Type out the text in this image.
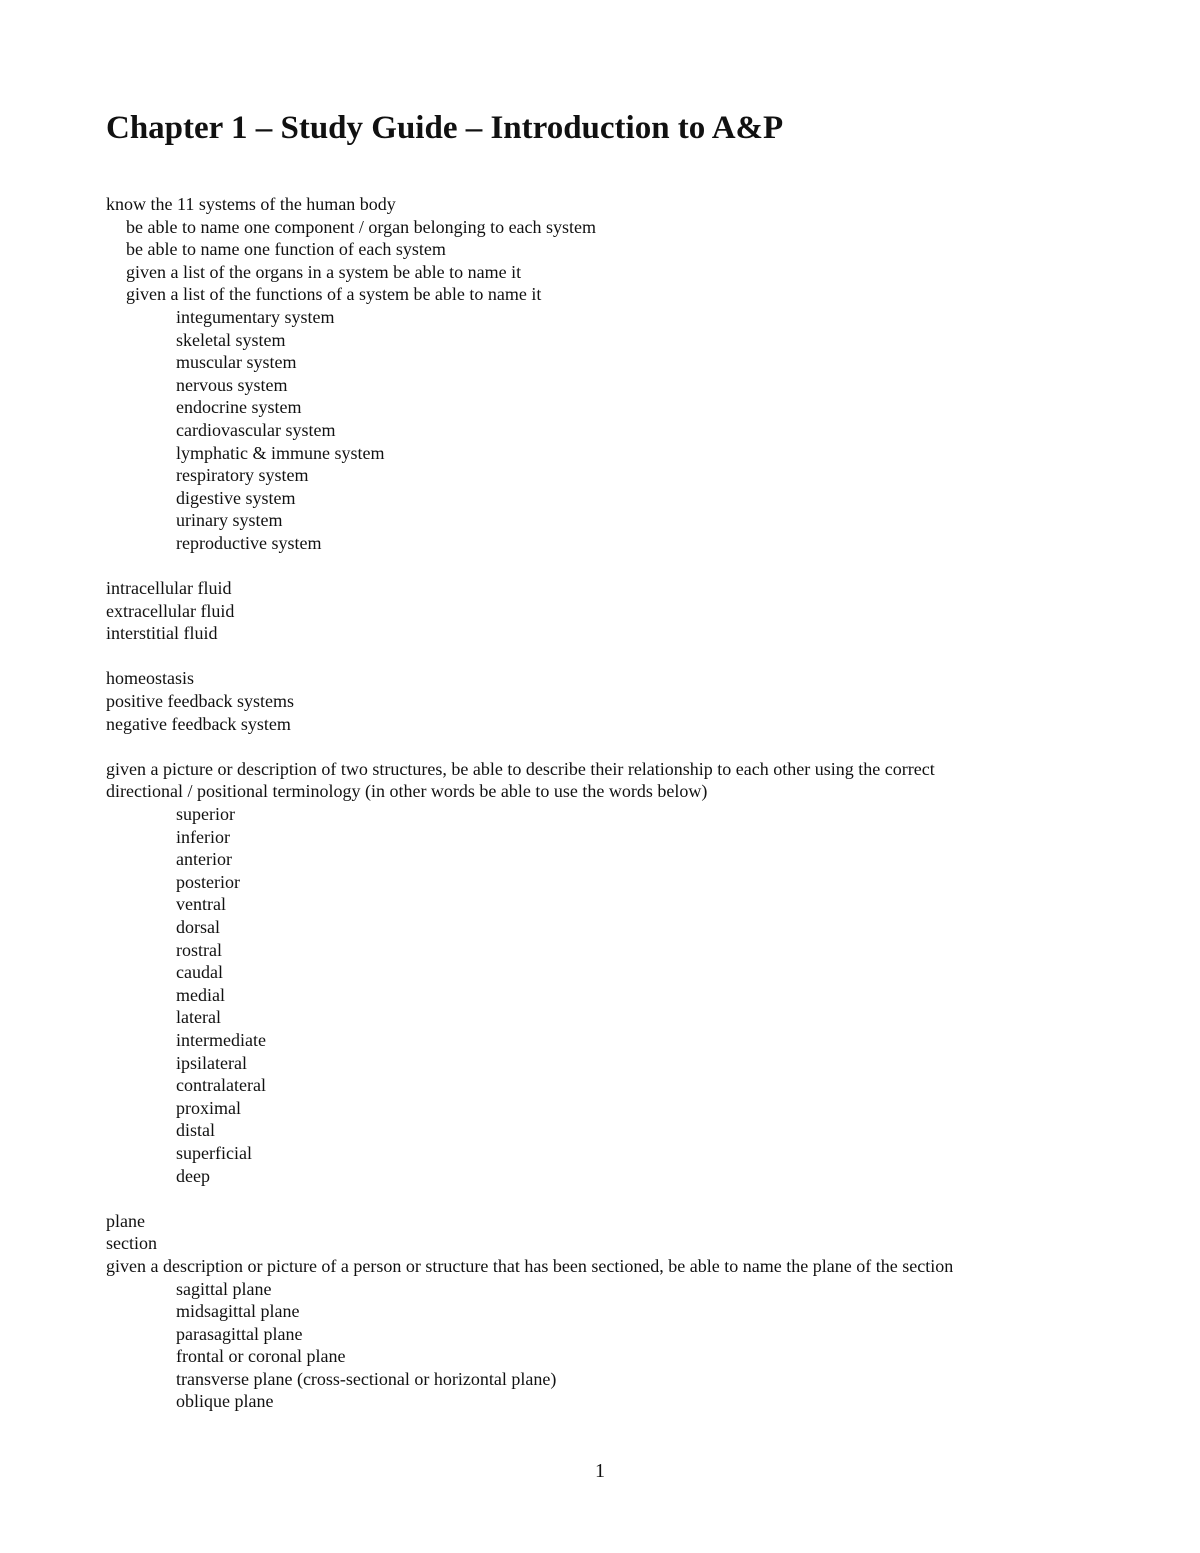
Chapter 1 – Study Guide – Introduction to A&P
know the 11 systems of the human body
be able to name one component / organ belonging to each system
be able to name one function of each system
given a list of the organs in a system be able to name it
given a list of the functions of a system be able to name it
integumentary system
skeletal system
muscular system
nervous system
endocrine system
cardiovascular system
lymphatic & immune system
respiratory system
digestive system
urinary system
reproductive system
intracellular fluid
extracellular fluid
interstitial fluid
homeostasis
positive feedback systems
negative feedback system
given a picture or description of two structures, be able to describe their relationship to each other using the correct
directional / positional terminology (in other words be able to use the words below)
superior
inferior
anterior
posterior
ventral
dorsal
rostral
caudal
medial
lateral
intermediate
ipsilateral
contralateral
proximal
distal
superficial
deep
plane
section
given a description or picture of a person or structure that has been sectioned, be able to name the plane of the section
sagittal plane
midsagittal plane
parasagittal plane
frontal or coronal plane
transverse plane (cross-sectional or horizontal plane)
oblique plane
1
